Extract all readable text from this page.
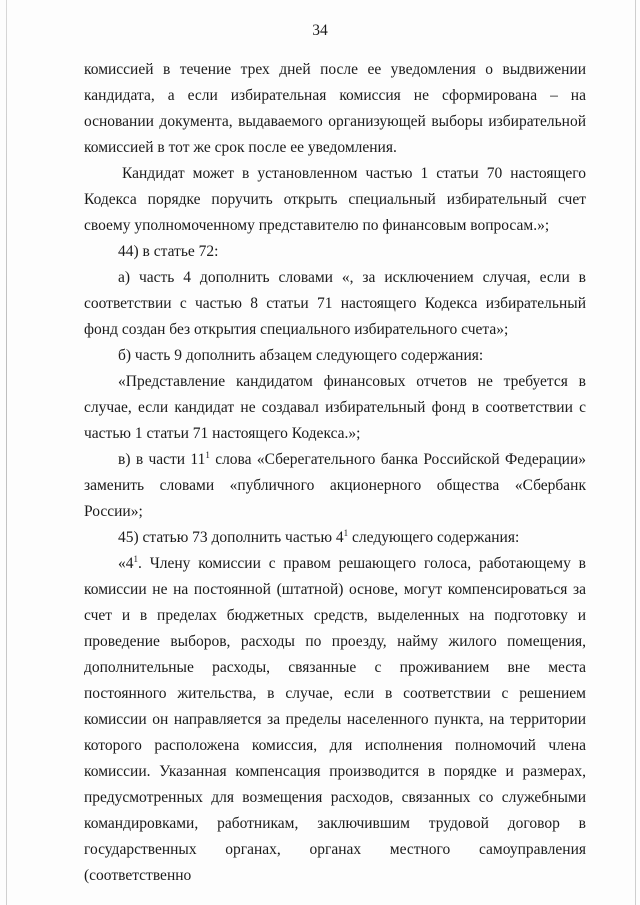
34

комиссией в течение трех дней после ее уведомления о выдвижении кандидата, а если избирательная комиссия не сформирована – на основании документа, выдаваемого организующей выборы избирательной комиссией в тот же срок после ее уведомления.

Кандидат может в установленном частью 1 статьи 70 настоящего Кодекса порядке поручить открыть специальный избирательный счет своему уполномоченному представителю по финансовым вопросам.»;

44) в статье 72:

а) часть 4 дополнить словами «, за исключением случая, если в соответствии с частью 8 статьи 71 настоящего Кодекса избирательный фонд создан без открытия специального избирательного счета»;

б) часть 9 дополнить абзацем следующего содержания:

«Представление кандидатом финансовых отчетов не требуется в случае, если кандидат не создавал избирательный фонд в соответствии с частью 1 статьи 71 настоящего Кодекса.»;

в) в части $11^1$ слова «Сберегательного банка Российской Федерации» заменить словами «публичного акционерного общества «Сбербанк России»;

45) статью 73 дополнить частью $4^1$ следующего содержания:

«$4^1$. Члену комиссии с правом решающего голоса, работающему в комиссии не на постоянной (штатной) основе, могут компенсироваться за счет и в пределах бюджетных средств, выделенных на подготовку и проведение выборов, расходы по проезду, найму жилого помещения, дополнительные расходы, связанные с проживанием вне места постоянного жительства, в случае, если в соответствии с решением комиссии он направляется за пределы населенного пункта, на территории которого расположена комиссия, для исполнения полномочий члена комиссии. Указанная компенсация производится в порядке и размерах, предусмотренных для возмещения расходов, связанных со служебными командировками, работникам, заключившим трудовой договор в государственных органах, органах местного самоуправления (соответственно
